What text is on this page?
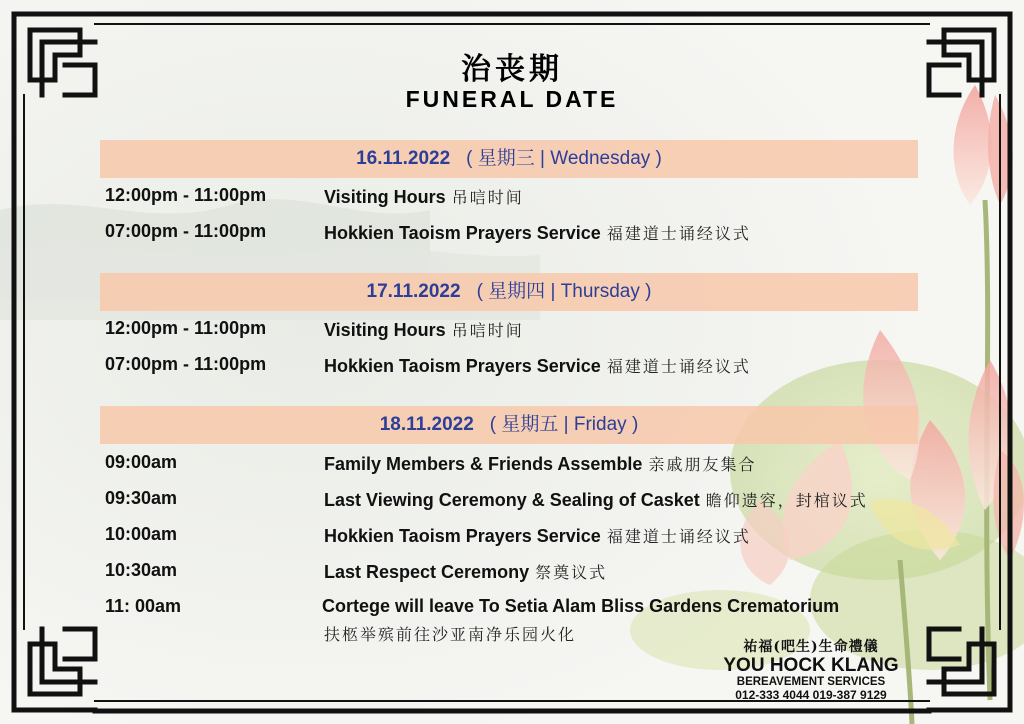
治丧期
FUNERAL DATE
16.11.2022 ( 星期三 | Wednesday )
12:00pm - 11:00pm	Visiting Hours 吊唁时间
07:00pm - 11:00pm	Hokkien Taoism Prayers Service 福建道士诵经议式
17.11.2022 ( 星期四 | Thursday )
12:00pm - 11:00pm	Visiting Hours 吊唁时间
07:00pm - 11:00pm	Hokkien Taoism Prayers Service 福建道士诵经议式
18.11.2022 ( 星期五 | Friday )
09:00am	Family Members & Friends Assemble 亲戚朋友集合
09:30am	Last Viewing Ceremony & Sealing of Casket 瞻仰遗容，封棺议式
10:00am	Hokkien Taoism Prayers Service 福建道士诵经议式
10:30am	Last Respect Ceremony 祭奠议式
11: 00am	Cortege will leave To Setia Alam Bliss Gardens Crematorium
扶柩举殡前往沙亚南净乐园火化
祐福(吧生)生命禮儀
YOU HOCK KLANG
BEREAVEMENT SERVICES
012-333 4044 019-387 9129
